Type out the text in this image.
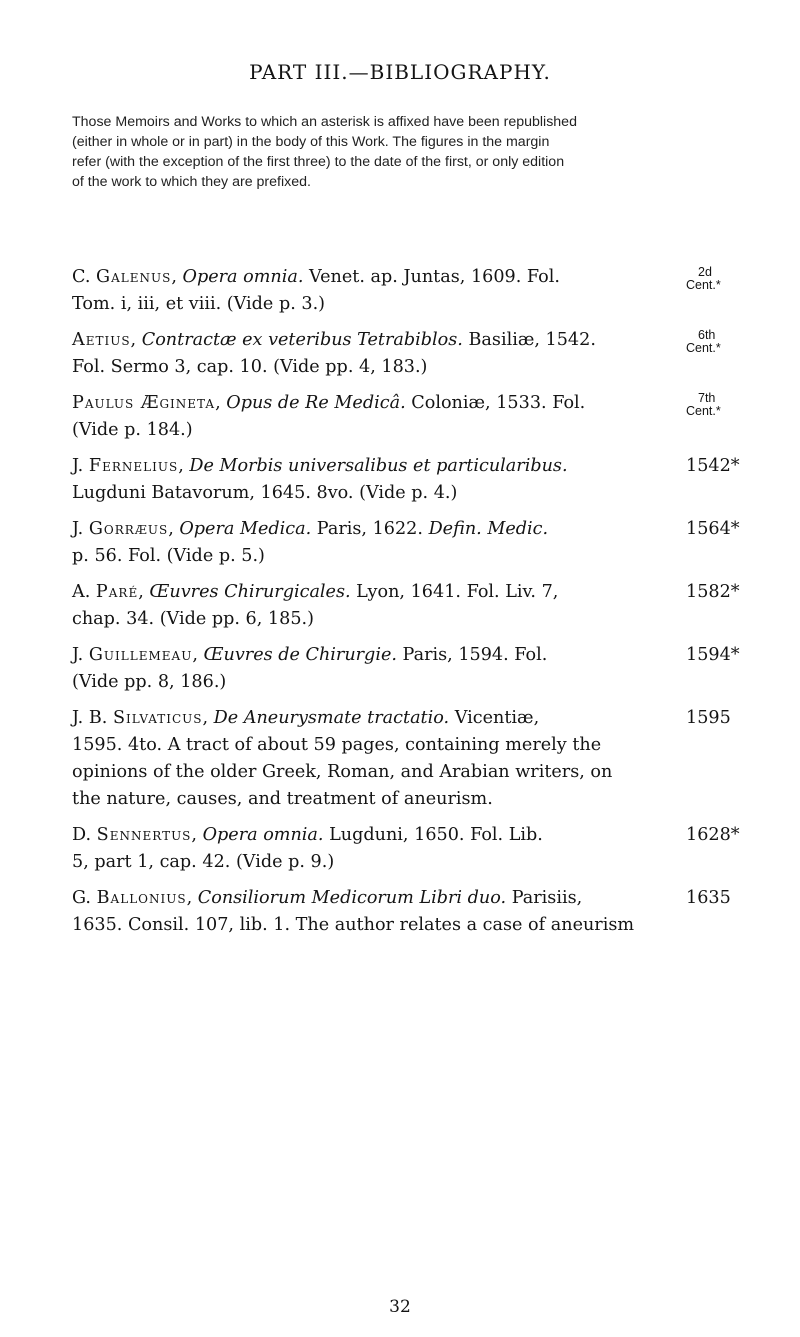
PART III.—BIBLIOGRAPHY.
Those Memoirs and Works to which an asterisk is affixed have been republished
(either in whole or in part) in the body of this Work. The figures in the margin
refer (with the exception of the first three) to the date of the first, or only edition
of the work to which they are prefixed.
C. Galenus, Opera omnia. Venet. ap. Juntas, 1609. Fol.
Tom. i, iii, et viii. (Vide p. 3.)
2d
Cent.*
Aetius, Contractæ ex veteribus Tetrabiblos. Basiliæ, 1542.
Fol. Sermo 3, cap. 10. (Vide pp. 4, 183.)
6th
Cent.*
Paulus Ægineta, Opus de Re Medicâ. Coloniæ, 1533. Fol.
(Vide p. 184.)
7th
Cent.*
J. Fernelius, De Morbis universalibus et particularibus.
Lugduni Batavorum, 1645. 8vo. (Vide p. 4.)
1542*
J. Gorræus, Opera Medica. Paris, 1622. Defin. Medic.
p. 56. Fol. (Vide p. 5.)
1564*
A. Paré, Œuvres Chirurgicales. Lyon, 1641. Fol. Liv. 7,
chap. 34. (Vide pp. 6, 185.)
1582*
J. Guillemeau, Œuvres de Chirurgie. Paris, 1594. Fol.
(Vide pp. 8, 186.)
1594*
J. B. Silvaticus, De Aneurysmate tractatio. Vicentiæ,
1595. 4to. A tract of about 59 pages, containing merely the
opinions of the older Greek, Roman, and Arabian writers, on
the nature, causes, and treatment of aneurism.
1595
D. Sennertus, Opera omnia. Lugduni, 1650. Fol. Lib.
5, part 1, cap. 42. (Vide p. 9.)
1628*
G. Ballonius, Consiliorum Medicorum Libri duo. Parisiis,
1635. Consil. 107, lib. 1. The author relates a case of aneurism
1635
32
